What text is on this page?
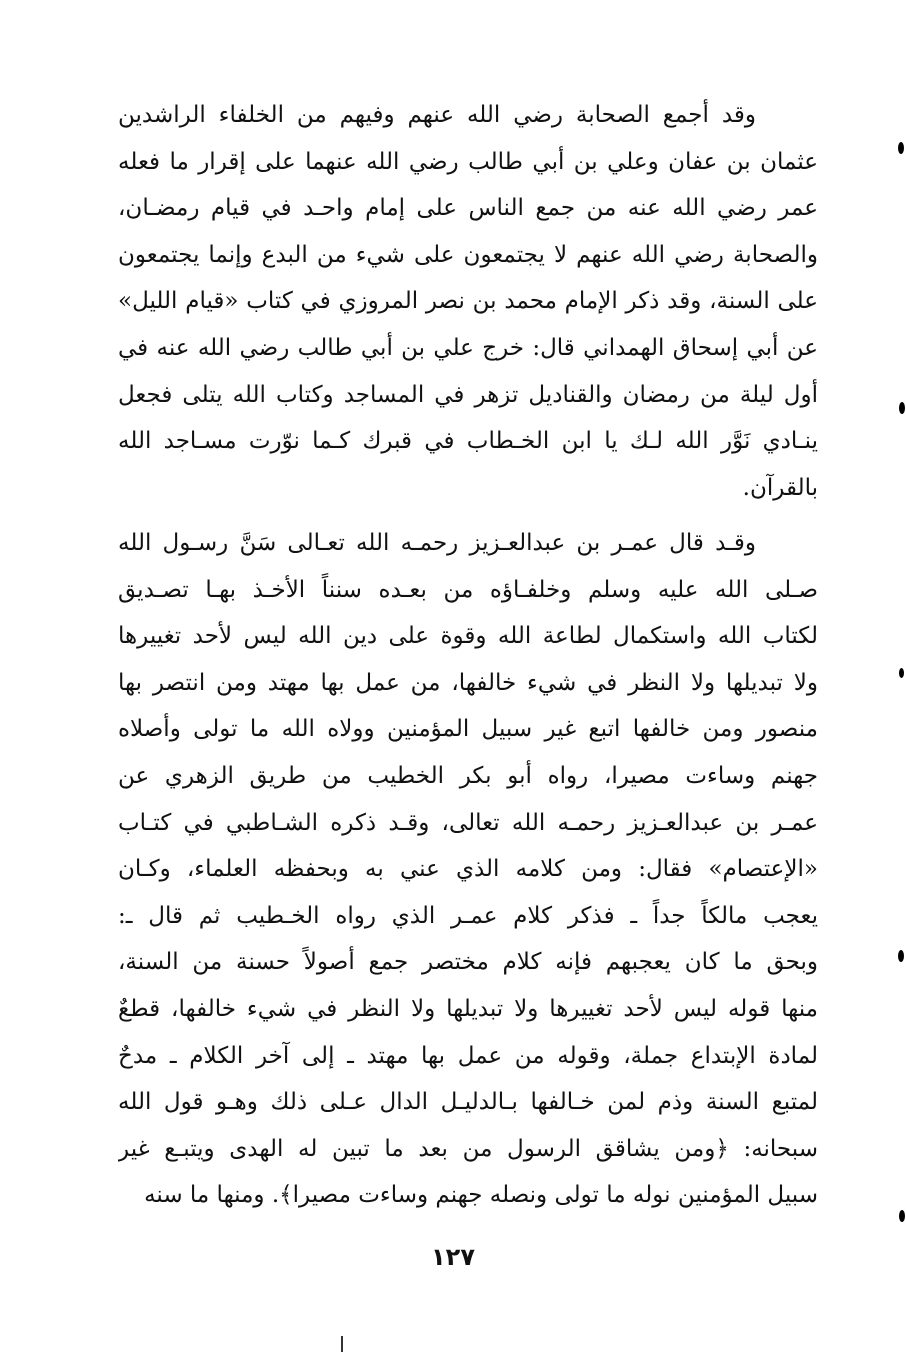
وقد أجمع الصحابة رضي الله عنهم وفيهم من الخلفاء الراشدين
عثمان بن عفان وعلي بن أبي طالب رضي الله عنهما على إقرار ما فعله
عمر رضي الله عنه من جمع الناس على إمام واحـد في قيام رمضـان،
والصحابة رضي الله عنهم لا يجتمعون على شيء من البدع وإنما يجتمعون
على السنة، وقد ذكر الإمام محمد بن نصر المروزي في كتاب «قيام الليل»
عن أبي إسحاق الهمداني قال: خرج علي بن أبي طالب رضي الله عنه في
أول ليلة من رمضان والقناديل تزهر في المساجد وكتاب الله يتلى فجعل
ينـادي نَوَّر الله لـك يا ابن الخـطاب في قبرك كـما نوّرت مسـاجد الله
بالقرآن.
وقـد قال عمـر بن عبدالعـزيز رحمـه الله تعـالى سَنَّ رسـول الله
صـلى الله عليه وسلم وخلفـاؤه من بعـده سنناً الأخـذ بهـا تصـديق
لكتاب الله واستكمال لطاعة الله وقوة على دين الله ليس لأحد تغييرها
ولا تبديلها ولا النظر في شيء خالفها، من عمل بها مهتد ومن انتصر بها
منصور ومن خالفها اتبع غير سبيل المؤمنين وولاه الله ما تولى وأصلاه
جهنم وساءت مصيرا، رواه أبو بكر الخطيب من طريق الزهري عن
عمـر بن عبدالعـزيز رحمـه الله تعالى، وقـد ذكره الشـاطبي في كتـاب
«الإعتصام» فقال: ومن كلامه الذي عني به وبحفظه العلماء، وكـان
يعجب مالكاً جداً ـ فذكر كلام عمـر الذي رواه الخـطيب ثم قال ـ:
وبحق ما كان يعجبهم فإنه كلام مختصر جمع أصولاً حسنة من السنة،
منها قوله ليس لأحد تغييرها ولا تبديلها ولا النظر في شيء خالفها، قطعٌ
لمادة الإبتداع جملة، وقوله من عمل بها مهتد ـ إلى آخر الكلام ـ مدحٌ
لمتبع السنة وذم لمن خـالفها بـالدليـل الدال عـلى ذلك وهـو قول الله
سبحانه: ﴿ومن يشاقق الرسول من بعد ما تبين له الهدى ويتبـع غير
سبيل المؤمنين نوله ما تولى ونصله جهنم وساءت مصيرا﴾. ومنها ما سنه
١٢٧
